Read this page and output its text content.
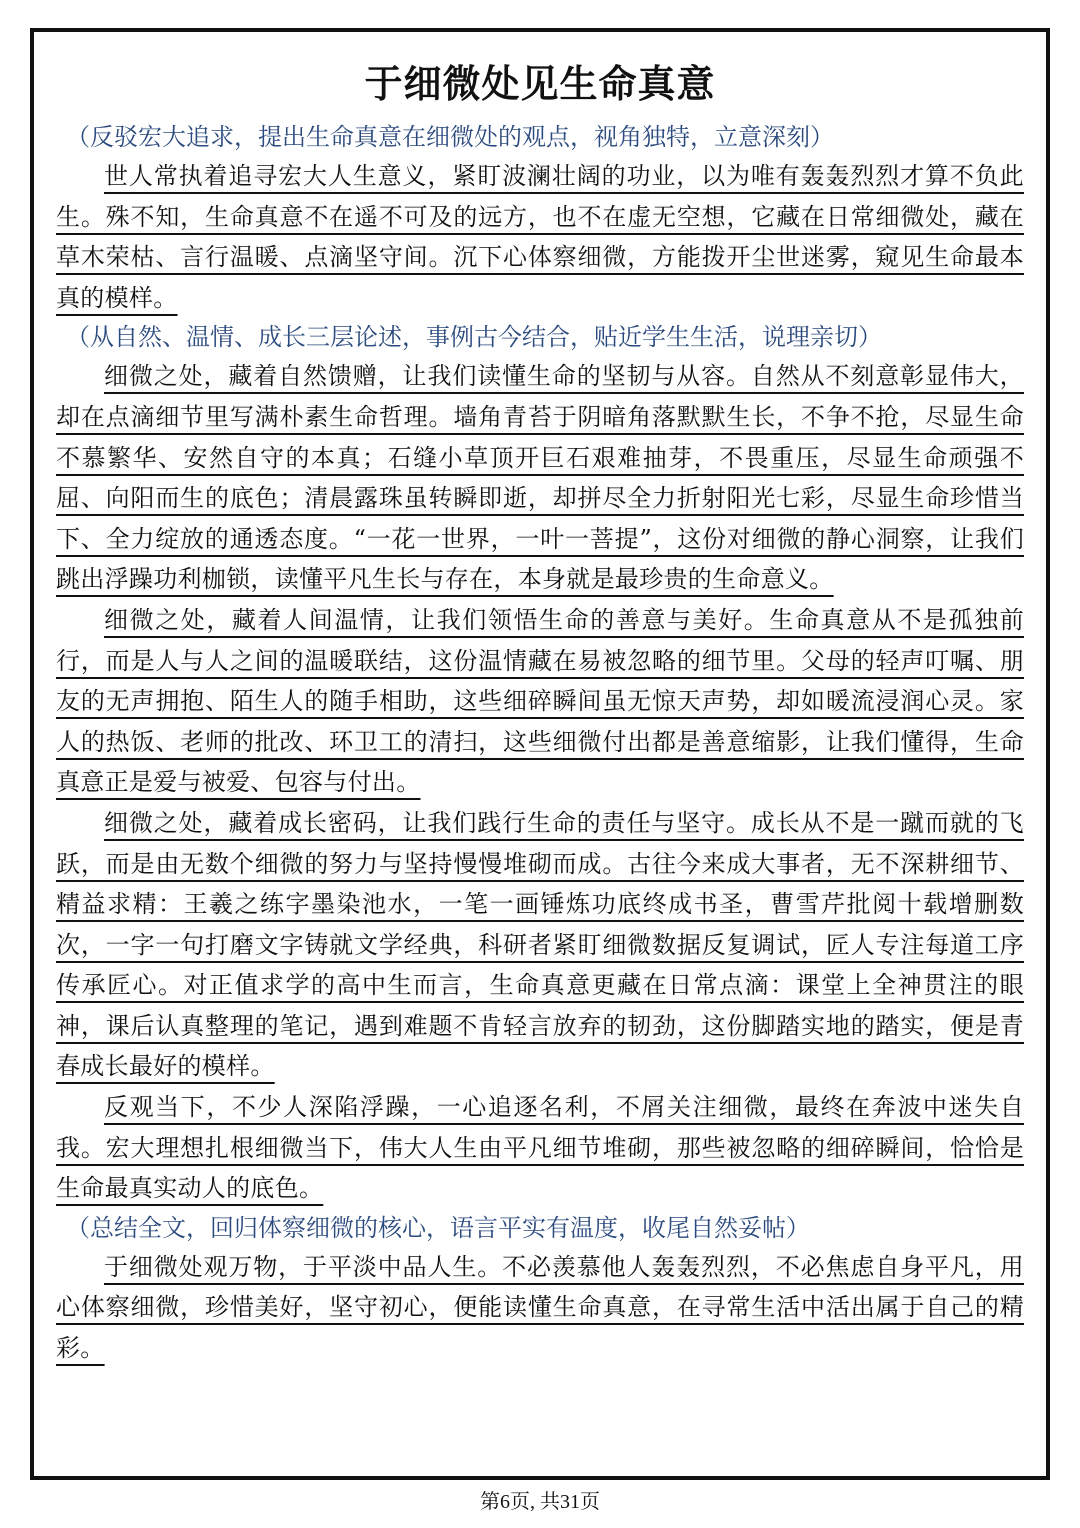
于细微处见生命真意

（反驳宏大追求，提出生命真意在细微处的观点，视角独特，立意深刻）

世人常执着追寻宏大人生意义，紧盯波澜壮阔的功业，以为唯有轰轰烈烈才算不负此生。殊不知，生命真意不在遥不可及的远方，也不在虚无空想，它藏在日常细微处，藏在草木荣枯、言行温暖、点滴坚守间。沉下心体察细微，方能拨开尘世迷雾，窥见生命最本真的模样。

（从自然、温情、成长三层论述，事例古今结合，贴近学生生活，说理亲切）

细微之处，藏着自然馈赠，让我们读懂生命的坚韧与从容。自然从不刻意彰显伟大，却在点滴细节里写满朴素生命哲理。墙角青苔于阴暗角落默默生长，不争不抢，尽显生命不慕繁华、安然自守的本真；石缝小草顶开巨石艰难抽芽，不畏重压，尽显生命顽强不屈、向阳而生的底色；清晨露珠虽转瞬即逝，却拼尽全力折射阳光七彩，尽显生命珍惜当下、全力绽放的通透态度。“一花一世界，一叶一菩提”，这份对细微的静心洞察，让我们跳出浮躁功利枷锁，读懂平凡生长与存在，本身就是最珍贵的生命意义。

细微之处，藏着人间温情，让我们领悟生命的善意与美好。生命真意从不是孤独前行，而是人与人之间的温暖联结，这份温情藏在易被忽略的细节里。父母的轻声叮嘱、朋友的无声拥抱、陌生人的随手相助，这些细碎瞬间虽无惊天声势，却如暖流浸润心灵。家人的热饭、老师的批改、环卫工的清扫，这些细微付出都是善意缩影，让我们懂得，生命真意正是爱与被爱、包容与付出。

细微之处，藏着成长密码，让我们践行生命的责任与坚守。成长从不是一蹴而就的飞跃，而是由无数个细微的努力与坚持慢慢堆砌而成。古往今来成大事者，无不深耕细节、精益求精：王羲之练字墨染池水，一笔一画锤炼功底终成书圣，曹雪芹批阅十载增删数次，一字一句打磨文字铸就文学经典，科研者紧盯细微数据反复调试，匠人专注每道工序传承匠心。对正值求学的高中生而言，生命真意更藏在日常点滴：课堂上全神贯注的眼神，课后认真整理的笔记，遇到难题不肯轻言放弃的韧劲，这份脚踏实地的踏实，便是青春成长最好的模样。

反观当下，不少人深陷浮躁，一心追逐名利，不屑关注细微，最终在奔波中迷失自我。宏大理想扎根细微当下，伟大人生由平凡细节堆砌，那些被忽略的细碎瞬间，恰恰是生命最真实动人的底色。

（总结全文，回归体察细微的核心，语言平实有温度，收尾自然妥帖）

于细微处观万物，于平淡中品人生。不必羡慕他人轰轰烈烈，不必焦虑自身平凡，用心体察细微，珍惜美好，坚守初心，便能读懂生命真意，在寻常生活中活出属于自己的精彩。

第6页, 共31页
